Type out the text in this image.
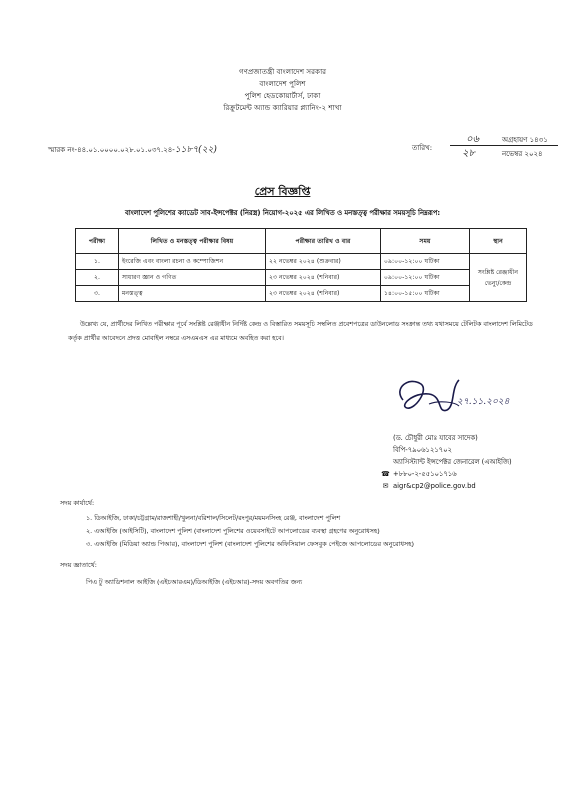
গণপ্রজাতন্ত্রী বাংলাদেশ সরকার
বাংলাদেশ পুলিশ
পুলিশ হেডকোয়ার্টার্স, ঢাকা
রিক্রুটমেন্ট অ্যান্ড ক্যারিয়ার প্ল্যানিং-২ শাখা
স্মারক নং-৪৪.০১.০০০০.০২৮.০১.০৩৭.২৪-১১৮৭(২২)	তারিখ:
০৬	অগ্রহায়ণ ১৪৩১
২৮	নভেম্বর ২০২৪
প্রেস বিজ্ঞপ্তি
বাংলাদেশ পুলিশের ক্যাডেট সাব-ইন্সপেক্টর (নিরস্ত্র) নিয়োগ-২০২৫ এর লিখিত ও মনস্তত্ত্ব পরীক্ষার সময়সূচি নিম্নরূপ:
পরীক্ষা	লিখিত ও মনস্তত্ত্ব পরীক্ষার বিষয়	পরীক্ষার তারিখ ও বার	সময়	স্থান
১.	ইংরেজি এবং বাংলা রচনা ও কম্পোজিশন	২২ নভেম্বর ২০২৪ (শুক্রবার)	০৯:০০-১২:০০ ঘটিকা	সংশ্লিষ্ট রেঞ্জাধীন ভেন্যু/কেন্দ্র
২.	সাধারণ জ্ঞান ও গণিত	২৩ নভেম্বর ২০২৪ (শনিবার)	০৯:০০-১২:০০ ঘটিকা	
৩.	মনস্তত্ত্ব	২৩ নভেম্বর ২০২৪ (শনিবার)	১৪:০০-১৫:০০ ঘটিকা	
উল্লেখ্য যে, প্রার্থীদের লিখিত পরীক্ষার পূর্বে সংশ্লিষ্ট রেঞ্জাধীন নির্দিষ্ট কেন্দ্র ও বিস্তারিত সময়সূচি সম্বলিত প্রবেশপত্রের ডাউনলোড সংক্রান্ত তথ্য যথাসময়ে টেলিটক বাংলাদেশ লিমিটেড কর্তৃক প্রার্থীর আবেদনে প্রদত্ত মোবাইল নম্বরে এসএমএস এর মাধ্যমে অবহিত করা হবে।
২৭.১১.২০২৪
(ড. চৌধুরী মোঃ যাবের সাদেক)
বিপি-৭৯০৬১২১৭০২
অ্যাসিস্ট্যান্ট ইন্সপেক্টর জেনারেল (এআইজি)
☎ +৮৮০-২-৫৫১০১৭১৬
✉ aigr&cp2@police.gov.bd
সদয় কার্যার্থে:
১. ডিআইজি, ঢাকা/চট্টগ্রাম/রাজশাহী/খুলনা/বরিশাল/সিলেট/রংপুর/ময়মনসিংহ রেঞ্জ, বাংলাদেশ পুলিশ
২. এআইজি (আইসিটি), বাংলাদেশ পুলিশ (বাংলাদেশ পুলিশের ওয়েবসাইটে আপলোডের ব্যবস্থা গ্রহণের অনুরোধসহ)
৩. এআইজি (মিডিয়া অ্যান্ড পিআর), বাংলাদেশ পুলিশ (বাংলাদেশ পুলিশের অফিসিয়াল ফেসবুক পেইজে আপলোডের অনুরোধসহ)
সদয় জ্ঞাতার্থে:
পিএ টু অ্যাডিশনাল আইজি (এইচআরএম)/ডিআইজি (এইচআর)-সদয় অবগতির জন্য
